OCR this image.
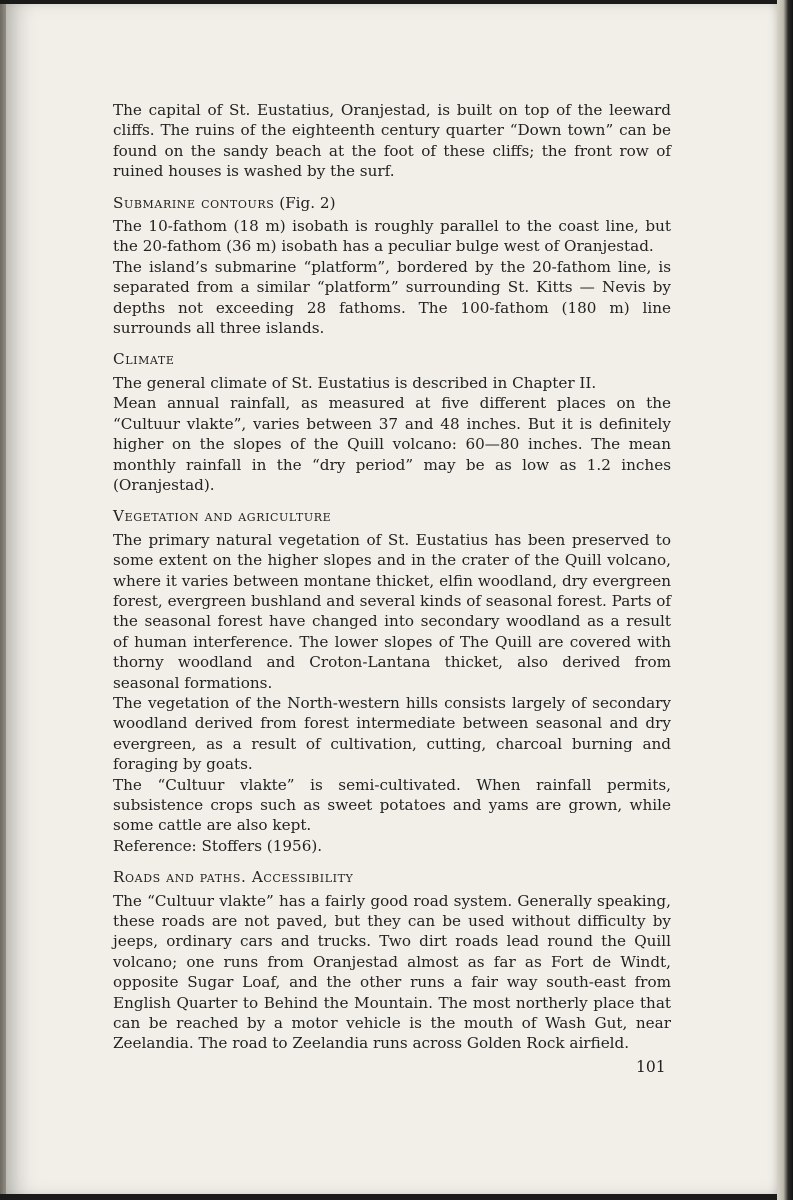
The capital of St. Eustatius, Oranjestad, is built on top of the leeward cliffs. The ruins of the eighteenth century quarter “Down town” can be found on the sandy beach at the foot of these cliffs; the front row of ruined houses is washed by the surf.

Submarine contours (Fig. 2)

The 10-fathom (18 m) isobath is roughly parallel to the coast line, but the 20-fathom (36 m) isobath has a peculiar bulge west of Oranjestad.

The island’s submarine “platform”, bordered by the 20-fathom line, is separated from a similar “platform” surrounding St. Kitts — Nevis by depths not exceeding 28 fathoms. The 100-fathom (180 m) line surrounds all three islands.

Climate

The general climate of St. Eustatius is described in Chapter II.

Mean annual rainfall, as measured at five different places on the “Cultuur vlakte”, varies between 37 and 48 inches. But it is definitely higher on the slopes of the Quill volcano: 60—80 inches. The mean monthly rainfall in the “dry period” may be as low as 1.2 inches (Oranjestad).

Vegetation and agriculture

The primary natural vegetation of St. Eustatius has been preserved to some extent on the higher slopes and in the crater of the Quill volcano, where it varies between montane thicket, elfin woodland, dry evergreen forest, evergreen bushland and several kinds of seasonal forest. Parts of the seasonal forest have changed into secondary woodland as a result of human interference. The lower slopes of The Quill are covered with thorny woodland and Croton-Lantana thicket, also derived from seasonal formations.

The vegetation of the North-western hills consists largely of secondary woodland derived from forest intermediate between seasonal and dry evergreen, as a result of cultivation, cutting, charcoal burning and foraging by goats.

The “Cultuur vlakte” is semi-cultivated. When rainfall permits, subsistence crops such as sweet potatoes and yams are grown, while some cattle are also kept.

Reference: Stoffers (1956).

Roads and paths. Accessibility

The “Cultuur vlakte” has a fairly good road system. Generally speaking, these roads are not paved, but they can be used without difficulty by jeeps, ordinary cars and trucks. Two dirt roads lead round the Quill volcano; one runs from Oranjestad almost as far as Fort de Windt, opposite Sugar Loaf, and the other runs a fair way south-east from English Quarter to Behind the Mountain. The most northerly place that can be reached by a motor vehicle is the mouth of Wash Gut, near Zeelandia. The road to Zeelandia runs across Golden Rock airfield.

101
